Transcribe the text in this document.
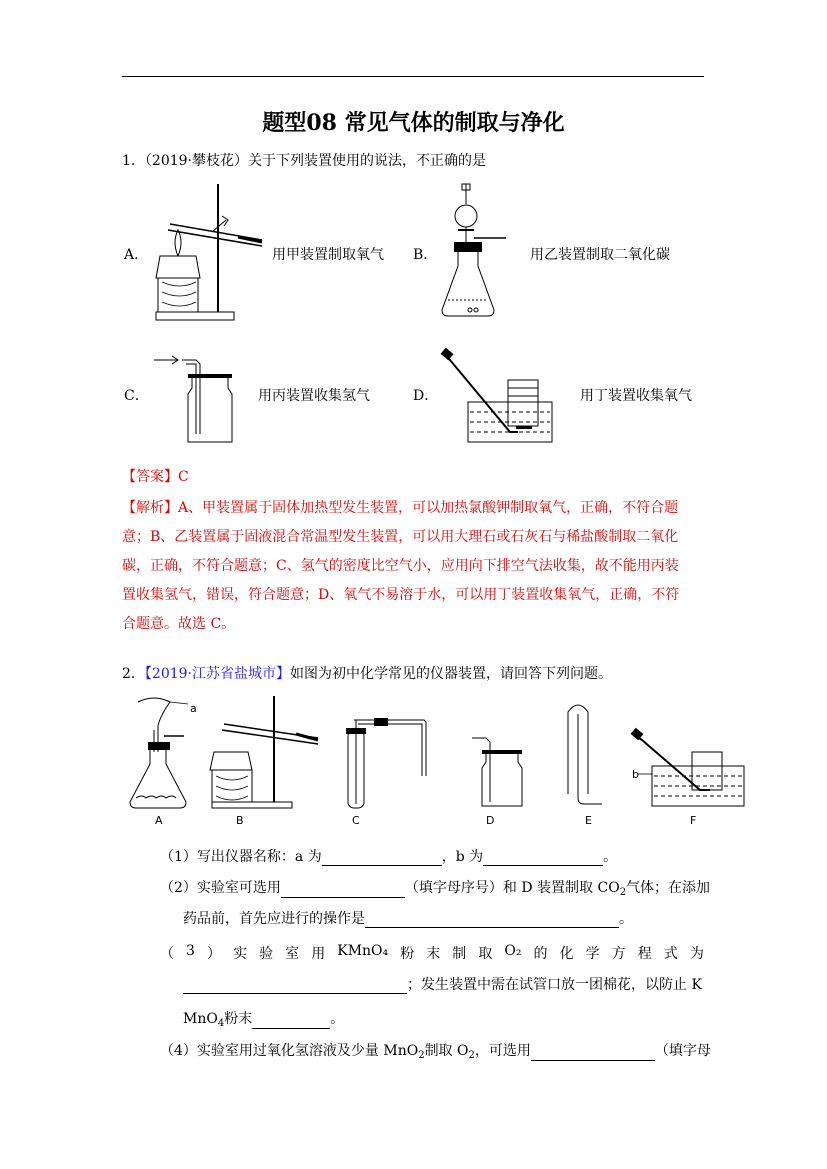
题型08 常见气体的制取与净化
1．（2019·攀枝花）关于下列装置使用的说法，不正确的是
A．	用甲装置制取氧气 B．	用乙装置制取二氧化碳
C．	用丙装置收集氢气	D．	用丁装置收集氧气
【答案】C
【解析】A、甲装置属于固体加热型发生装置，可以加热氯酸钾制取氧气，正确，不符合题
意；B、乙装置属于固液混合常温型发生装置，可以用大理石或石灰石与稀盐酸制取二氧化
碳，正确，不符合题意；C、氢气的密度比空气小，应用向下排空气法收集，故不能用丙装
置收集氢气，错误，符合题意；D、氧气不易溶于水，可以用丁装置收集氧气，正确，不符
合题意。故选 C。
2．【2019·江苏省盐城市】如图为初中化学常见的仪器装置，请回答下列问题。
a
b
A	B	C	D	E	F
（1）写出仪器名称：a 为	，b 为	。
（2）实验室可选用	（填字母序号）和 D 装置制取 $CO_2$气体；在添加
药品前，首先应进行的操作是	。
（ 3 ） 实 验 室 用 KMnO₄ 粉 末 制 取 O₂ 的 化 学 方 程 式 为
；发生装置中需在试管口放一团棉花，以防止 K
MnO$_4$粉末	。
（4）实验室用过氧化氢溶液及少量 MnO$_2$制取 $O_2$，可选用	（填字母
